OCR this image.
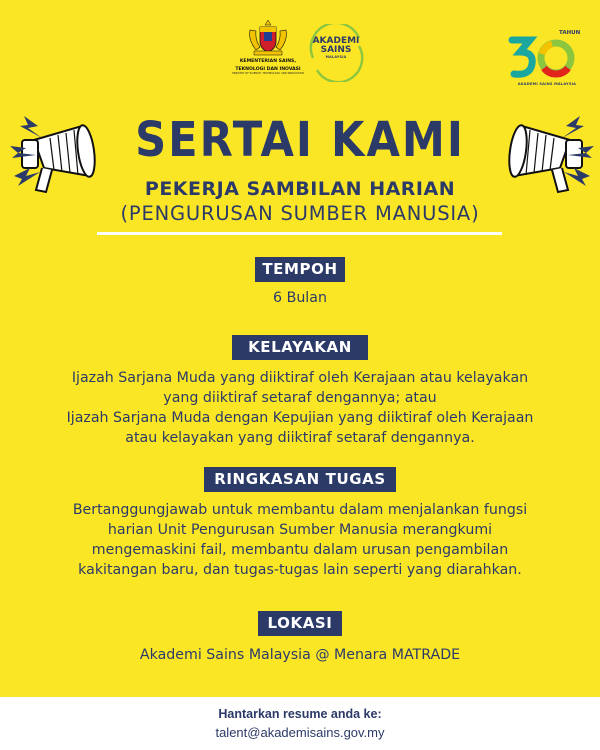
KEMENTERIAN SAINS,
TEKNOLOGI DAN INOVASI
MINISTRY OF SCIENCE, TECHNOLOGY AND INNOVATION
AKADEMI
SAINS
MALAYSIA
TAHUN
AKADEMI SAINS MALAYSIA
SERTAI KAMI
PEKERJA SAMBILAN HARIAN
(PENGURUSAN SUMBER MANUSIA)
TEMPOH
6 Bulan
KELAYAKAN
Ijazah Sarjana Muda yang diiktiraf oleh Kerajaan atau kelayakan
yang diiktiraf setaraf dengannya; atau
Ijazah Sarjana Muda dengan Kepujian yang diiktiraf oleh Kerajaan
atau kelayakan yang diiktiraf setaraf dengannya.
RINGKASAN TUGAS
Bertanggungjawab untuk membantu dalam menjalankan fungsi
harian Unit Pengurusan Sumber Manusia merangkumi
mengemaskini fail, membantu dalam urusan pengambilan
kakitangan baru, dan tugas-tugas lain seperti yang diarahkan.
LOKASI
Akademi Sains Malaysia @ Menara MATRADE
Hantarkan resume anda ke:
talent@akademisains.gov.my
